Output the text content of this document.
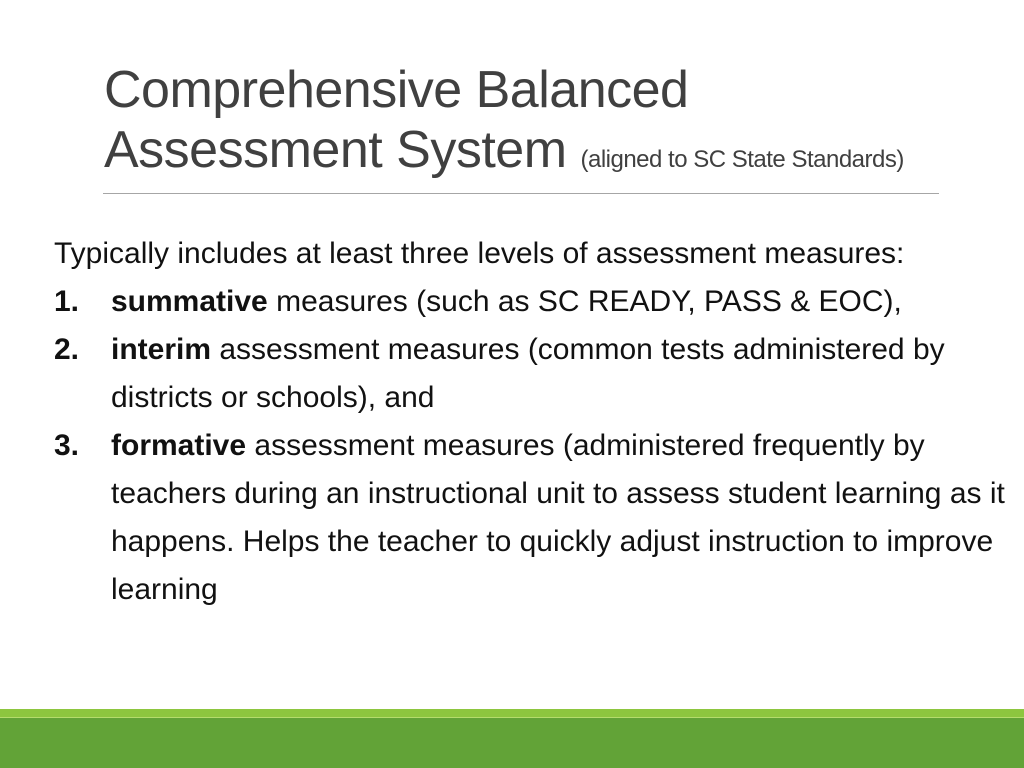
Comprehensive Balanced
Assessment System (aligned to SC State Standards)

Typically includes at least three levels of assessment measures:

1. summative measures (such as SC READY, PASS & EOC),
2. interim assessment measures (common tests administered by districts or schools), and
3. formative assessment measures (administered frequently by teachers during an instructional unit to assess student learning as it happens. Helps the teacher to quickly adjust instruction to improve learning
